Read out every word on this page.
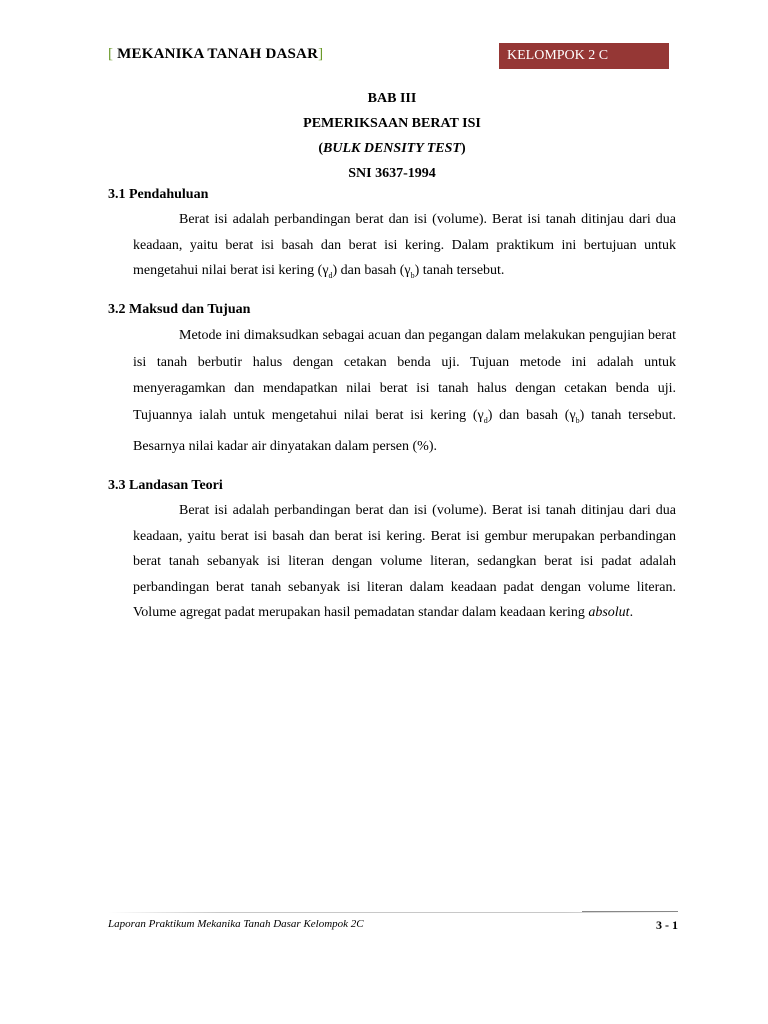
[ MEKANIKA TANAH DASAR]	KELOMPOK 2 C
BAB III
PEMERIKSAAN BERAT ISI
(BULK DENSITY TEST)
SNI 3637-1994
3.1 Pendahuluan

Berat isi adalah perbandingan berat dan isi (volume). Berat isi tanah ditinjau dari dua keadaan, yaitu berat isi basah dan berat isi kering. Dalam praktikum ini bertujuan untuk mengetahui nilai berat isi kering $(\gamma_d)$ dan basah $(\gamma_b)$ tanah tersebut.

3.2 Maksud dan Tujuan

Metode ini dimaksudkan sebagai acuan dan pegangan dalam melakukan pengujian berat isi tanah berbutir halus dengan cetakan benda uji. Tujuan metode ini adalah untuk menyeragamkan dan mendapatkan nilai berat isi tanah halus dengan cetakan benda uji. Tujuannya ialah untuk mengetahui nilai berat isi kering $(\gamma_d)$ dan basah $(\gamma_b)$ tanah tersebut. Besarnya nilai kadar air dinyatakan dalam persen (%).

3.3 Landasan Teori

Berat isi adalah perbandingan berat dan isi (volume). Berat isi tanah ditinjau dari dua keadaan, yaitu berat isi basah dan berat isi kering. Berat isi gembur merupakan perbandingan berat tanah sebanyak isi literan dengan volume literan, sedangkan berat isi padat adalah perbandingan berat tanah sebanyak isi literan dalam keadaan padat dengan volume literan. Volume agregat padat merupakan hasil pemadatan standar dalam keadaan kering absolut.

Laporan Praktikum Mekanika Tanah Dasar Kelompok 2C	3 - 1
